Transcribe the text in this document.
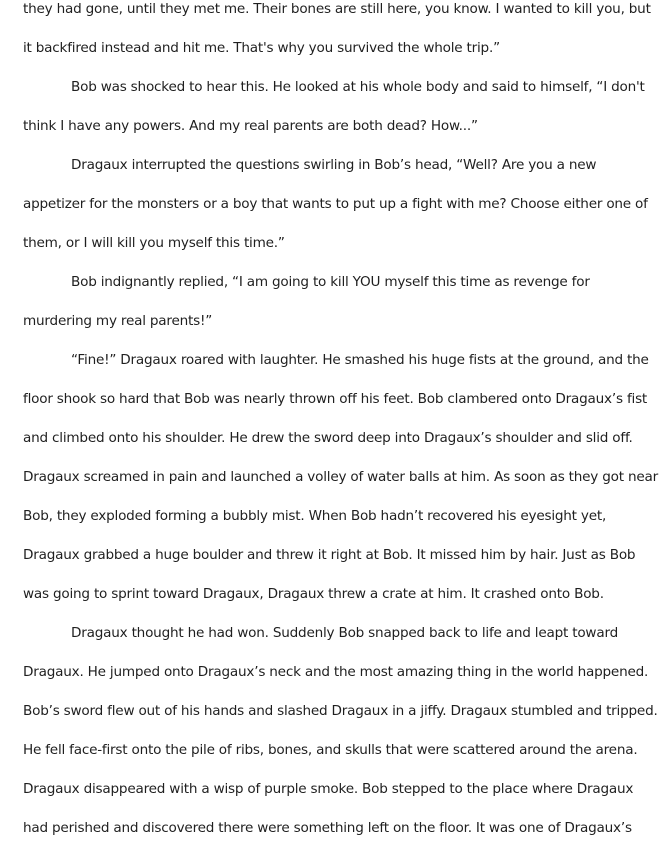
they had gone, until they met me. Their bones are still here, you know. I wanted to kill you, but
it backfired instead and hit me. That's why you survived the whole trip.”
Bob was shocked to hear this. He looked at his whole body and said to himself, “I don't
think I have any powers. And my real parents are both dead? How...”
Dragaux interrupted the questions swirling in Bob’s head, “Well? Are you a new
appetizer for the monsters or a boy that wants to put up a fight with me? Choose either one of
them, or I will kill you myself this time.”
Bob indignantly replied, “I am going to kill YOU myself this time as revenge for
murdering my real parents!”
“Fine!” Dragaux roared with laughter. He smashed his huge fists at the ground, and the
floor shook so hard that Bob was nearly thrown off his feet. Bob clambered onto Dragaux’s fist
and climbed onto his shoulder. He drew the sword deep into Dragaux’s shoulder and slid off.
Dragaux screamed in pain and launched a volley of water balls at him. As soon as they got near
Bob, they exploded forming a bubbly mist. When Bob hadn’t recovered his eyesight yet,
Dragaux grabbed a huge boulder and threw it right at Bob. It missed him by hair. Just as Bob
was going to sprint toward Dragaux, Dragaux threw a crate at him. It crashed onto Bob.
Dragaux thought he had won. Suddenly Bob snapped back to life and leapt toward
Dragaux. He jumped onto Dragaux’s neck and the most amazing thing in the world happened.
Bob’s sword flew out of his hands and slashed Dragaux in a jiffy. Dragaux stumbled and tripped.
He fell face-first onto the pile of ribs, bones, and skulls that were scattered around the arena.
Dragaux disappeared with a wisp of purple smoke. Bob stepped to the place where Dragaux
had perished and discovered there were something left on the floor. It was one of Dragaux’s
